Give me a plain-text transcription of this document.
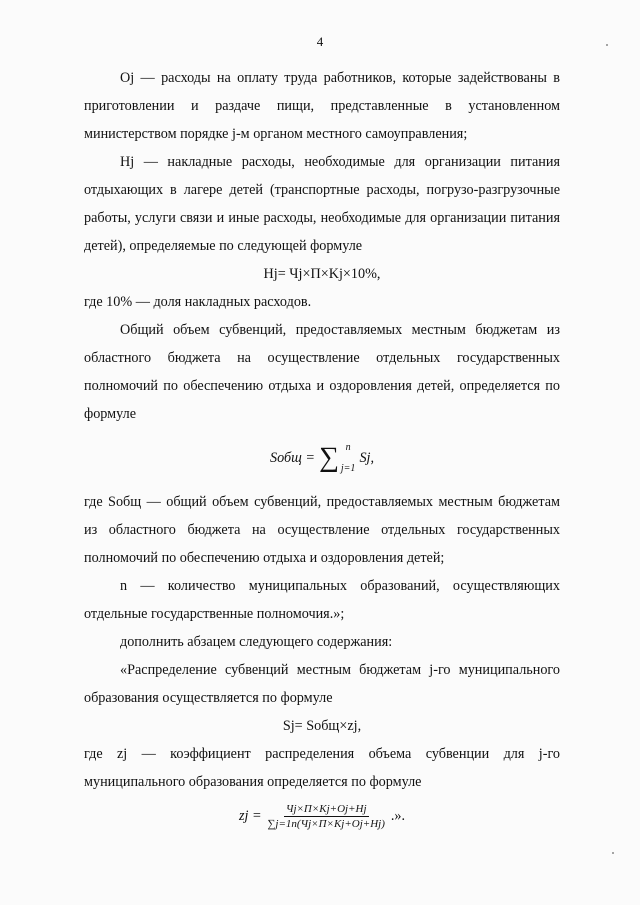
4

Oj — расходы на оплату труда работников, которые задействованы в приготовлении и раздаче пищи, представленные в установленном министерством порядке j-м органом местного самоуправления;

Hj — накладные расходы, необходимые для организации питания отдыхающих в лагере детей (транспортные расходы, погрузо-разгрузочные работы, услуги связи и иные расходы, необходимые для организации питания детей), определяемые по следующей формуле

Hj= Чj×П×Kj×10%,

где 10% — доля накладных расходов.

Общий объем субвенций, предоставляемых местным бюджетам из областного бюджета на осуществление отдельных государственных полномочий по обеспечению отдыха и оздоровления детей, определяется по формуле

Sобщ = ∑ n
j=1
Sj,

где Sобщ — общий объем субвенций, предоставляемых местным бюджетам из областного бюджета на осуществление отдельных государственных полномочий по обеспечению отдыха и оздоровления детей;

n — количество муниципальных образований, осуществляющих отдельные государственные полномочия.»;

дополнить абзацем следующего содержания:

«Распределение субвенций местным бюджетам j-го муниципального образования осуществляется по формуле

Sj= Sобщ×zj,

где zj — коэффициент распределения объема субвенции для j-го муниципального образования определяется по формуле

zj = $\frac{Чj\times П\times Kj+Oj+Hj}{\sum j=1n(Чj\times П\times Kj+Oj+Hj)}$ .».
